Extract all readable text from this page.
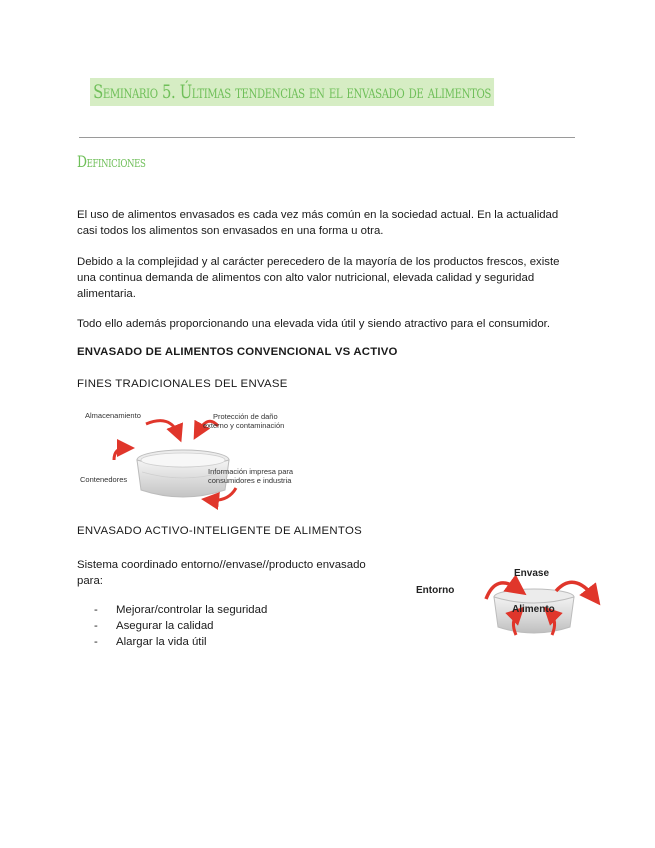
Seminario 5. Últimas tendencias en el envasado de alimentos
Definiciones

El uso de alimentos envasados es cada vez más común en la sociedad actual. En la actualidad casi todos los alimentos son envasados en una forma u otra.

Debido a la complejidad y al carácter perecedero de la mayoría de los productos frescos, existe una continua demanda de alimentos con alto valor nutricional, elevada calidad y seguridad alimentaria.

Todo ello además proporcionando una elevada vida útil y siendo atractivo para el consumidor.

ENVASADO DE ALIMENTOS CONVENCIONAL VS ACTIVO
FINES TRADICIONALES DEL ENVASE
Almacenamiento	Protección de daño
externo y contaminación
Contenedores
Información impresa para
consumidores e industria
ENVASADO ACTIVO-INTELIGENTE DE ALIMENTOS

Sistema coordinado entorno//envase//producto envasado para:

- Mejorar/controlar la seguridad
- Asegurar la calidad
- Alargar la vida útil
Entorno
Envase
Alimento
